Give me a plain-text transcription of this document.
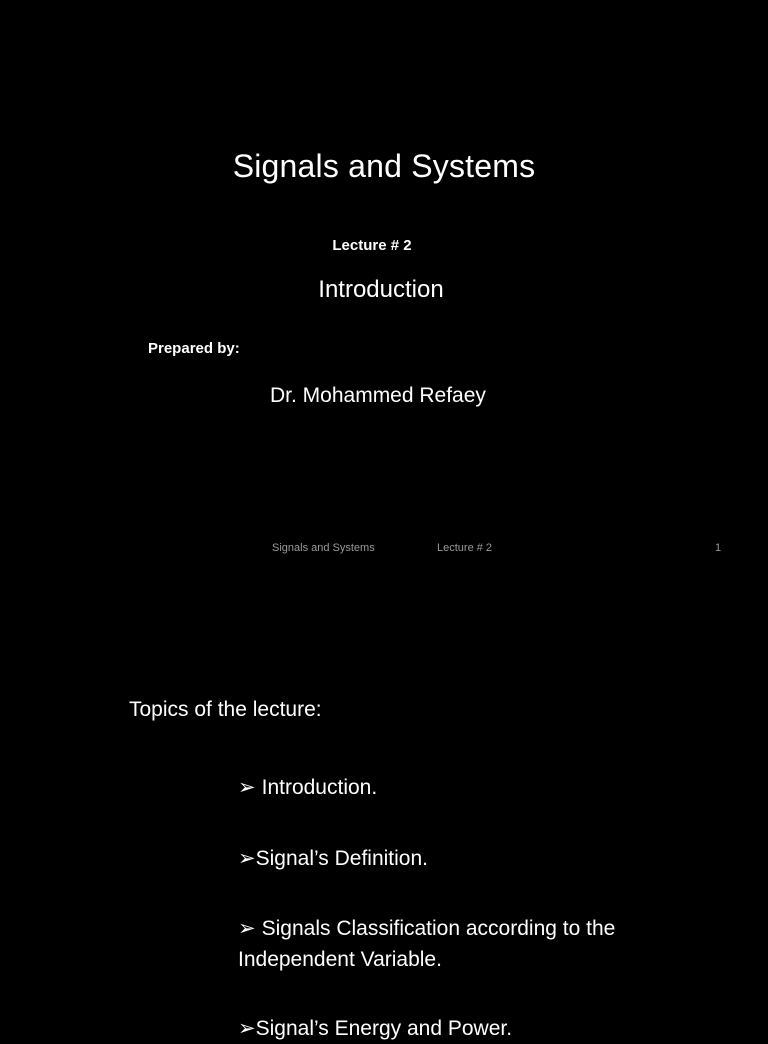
Signals and Systems
Lecture # 2
Introduction
Prepared by:
Dr. Mohammed Refaey
Signals and Systems	Lecture # 2	1
Topics of the lecture:
➢ Introduction.
➢Signal’s Definition.
➢ Signals Classification according to the Independent Variable.
➢Signal’s Energy and Power.
